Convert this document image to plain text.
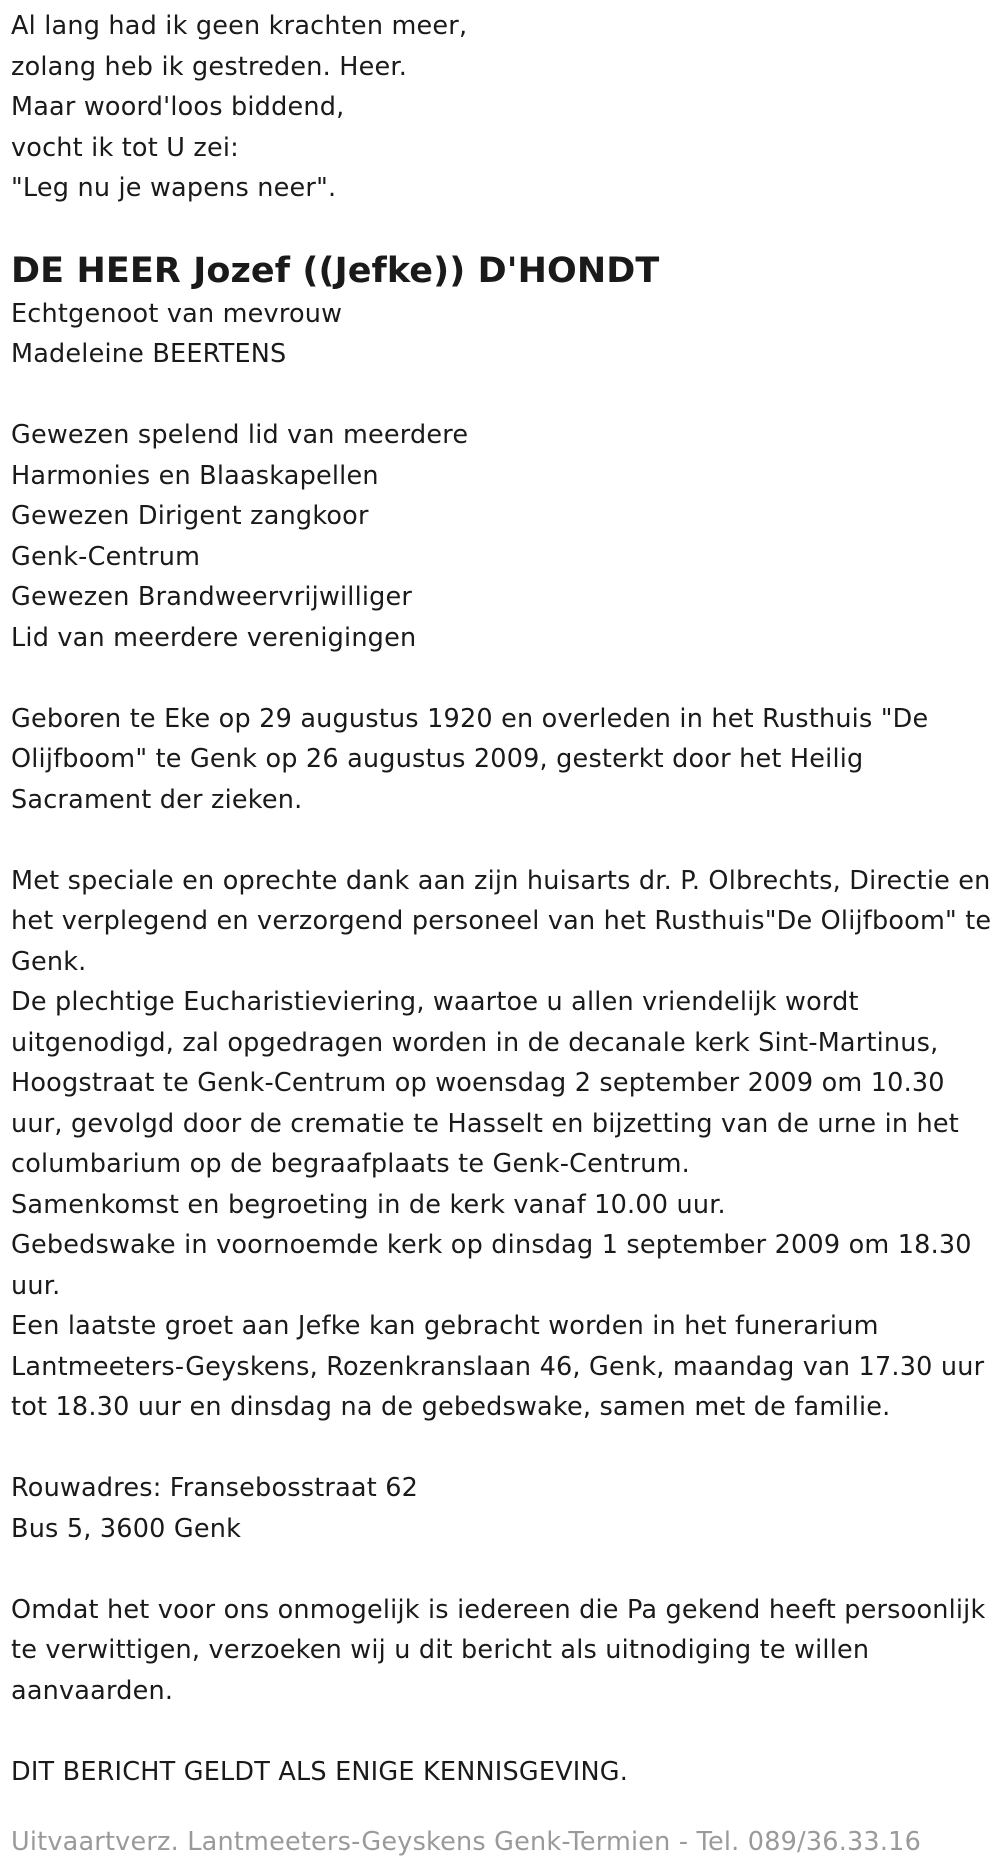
Al lang had ik geen krachten meer,
zolang heb ik gestreden. Heer.
Maar woord'loos biddend,
vocht ik tot U zei:
"Leg nu je wapens neer".
DE HEER Jozef ((Jefke)) D'HONDT
Echtgenoot van mevrouw
Madeleine BEERTENS
Gewezen spelend lid van meerdere
Harmonies en Blaaskapellen
Gewezen Dirigent zangkoor
Genk-Centrum
Gewezen Brandweervrijwilliger
Lid van meerdere verenigingen

Geboren te Eke op 29 augustus 1920 en overleden in het Rusthuis "De Olijfboom" te Genk op 26 augustus 2009, gesterkt door het Heilig Sacrament der zieken.

Met speciale en oprechte dank aan zijn huisarts dr. P. Olbrechts, Directie en het verplegend en verzorgend personeel van het Rusthuis"De Olijfboom" te Genk.

De plechtige Eucharistieviering, waartoe u allen vriendelijk wordt uitgenodigd, zal opgedragen worden in de decanale kerk Sint-Martinus, Hoogstraat te Genk-Centrum op woensdag 2 september 2009 om 10.30 uur, gevolgd door de crematie te Hasselt en bijzetting van de urne in het columbarium op de begraafplaats te Genk-Centrum.

Samenkomst en begroeting in de kerk vanaf 10.00 uur.

Gebedswake in voornoemde kerk op dinsdag 1 september 2009 om 18.30 uur.

Een laatste groet aan Jefke kan gebracht worden in het funerarium Lantmeeters-Geyskens, Rozenkranslaan 46, Genk, maandag van 17.30 uur tot 18.30 uur en dinsdag na de gebedswake, samen met de familie.

Rouwadres: Fransebosstraat 62
Bus 5, 3600 Genk

Omdat het voor ons onmogelijk is iedereen die Pa gekend heeft persoonlijk te verwittigen, verzoeken wij u dit bericht als uitnodiging te willen aanvaarden.

DIT BERICHT GELDT ALS ENIGE KENNISGEVING.
Uitvaartverz. Lantmeeters-Geyskens Genk-Termien - Tel. 089/36.33.16
